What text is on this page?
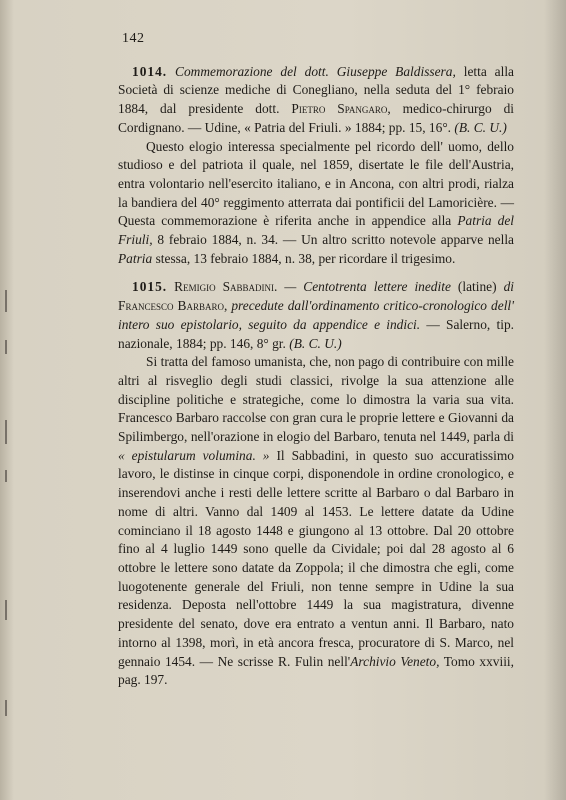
142
1014. Commemorazione del dott. Giuseppe Baldissera, letta alla Società di scienze mediche di Conegliano, nella seduta del 1° febraio 1884, dal presidente dott. Pietro Spangaro, medico-chirurgo di Cordignano. — Udine, « Patria del Friuli. » 1884; pp. 15, 16°. (B. C. U.)
Questo elogio interessa specialmente pel ricordo dell' uomo, dello studioso e del patriota il quale, nel 1859, disertate le file dell'Austria, entra volontario nell'esercito italiano, e in Ancona, con altri prodi, rialza la bandiera del 40° reggimento atterrata dai pontificii del Lamoricière. — Questa commemorazione è riferita anche in appendice alla Patria del Friuli, 8 febraio 1884, n. 34. — Un altro scritto notevole apparve nella Patria stessa, 13 febraio 1884, n. 38, per ricordare il trigesimo.
1015. Remigio Sabbadini. — Centotrenta lettere inedite (latine) di Francesco Barbaro, precedute dall'ordinamento critico-cronologico dell' intero suo epistolario, seguito da appendice e indici. — Salerno, tip. nazionale, 1884; pp. 146, 8° gr. (B. C. U.)
Si tratta del famoso umanista, che, non pago di contribuire con mille altri al risveglio degli studi classici, rivolge la sua attenzione alle discipline politiche e strategiche, come lo dimostra la varia sua vita. Francesco Barbaro raccolse con gran cura le proprie lettere e Giovanni da Spilimbergo, nell'orazione in elogio del Barbaro, tenuta nel 1449, parla di « epistularum volumina. » Il Sabbadini, in questo suo accuratissimo lavoro, le distinse in cinque corpi, disponendole in ordine cronologico, e inserendovi anche i resti delle lettere scritte al Barbaro o dal Barbaro in nome di altri. Vanno dal 1409 al 1453. Le lettere datate da Udine cominciano il 18 agosto 1448 e giungono al 13 ottobre. Dal 20 ottobre fino al 4 luglio 1449 sono quelle da Cividale; poi dal 28 agosto al 6 ottobre le lettere sono datate da Zoppola; il che dimostra che egli, come luogotenente generale del Friuli, non tenne sempre in Udine la sua residenza. Deposta nell'ottobre 1449 la sua magistratura, divenne presidente del senato, dove era entrato a ventun anni. Il Barbaro, nato intorno al 1398, morì, in età ancora fresca, procuratore di S. Marco, nel gennaio 1454. — Ne scrisse R. Fulin nell'Archivio Veneto, Tomo xxviii, pag. 197.
